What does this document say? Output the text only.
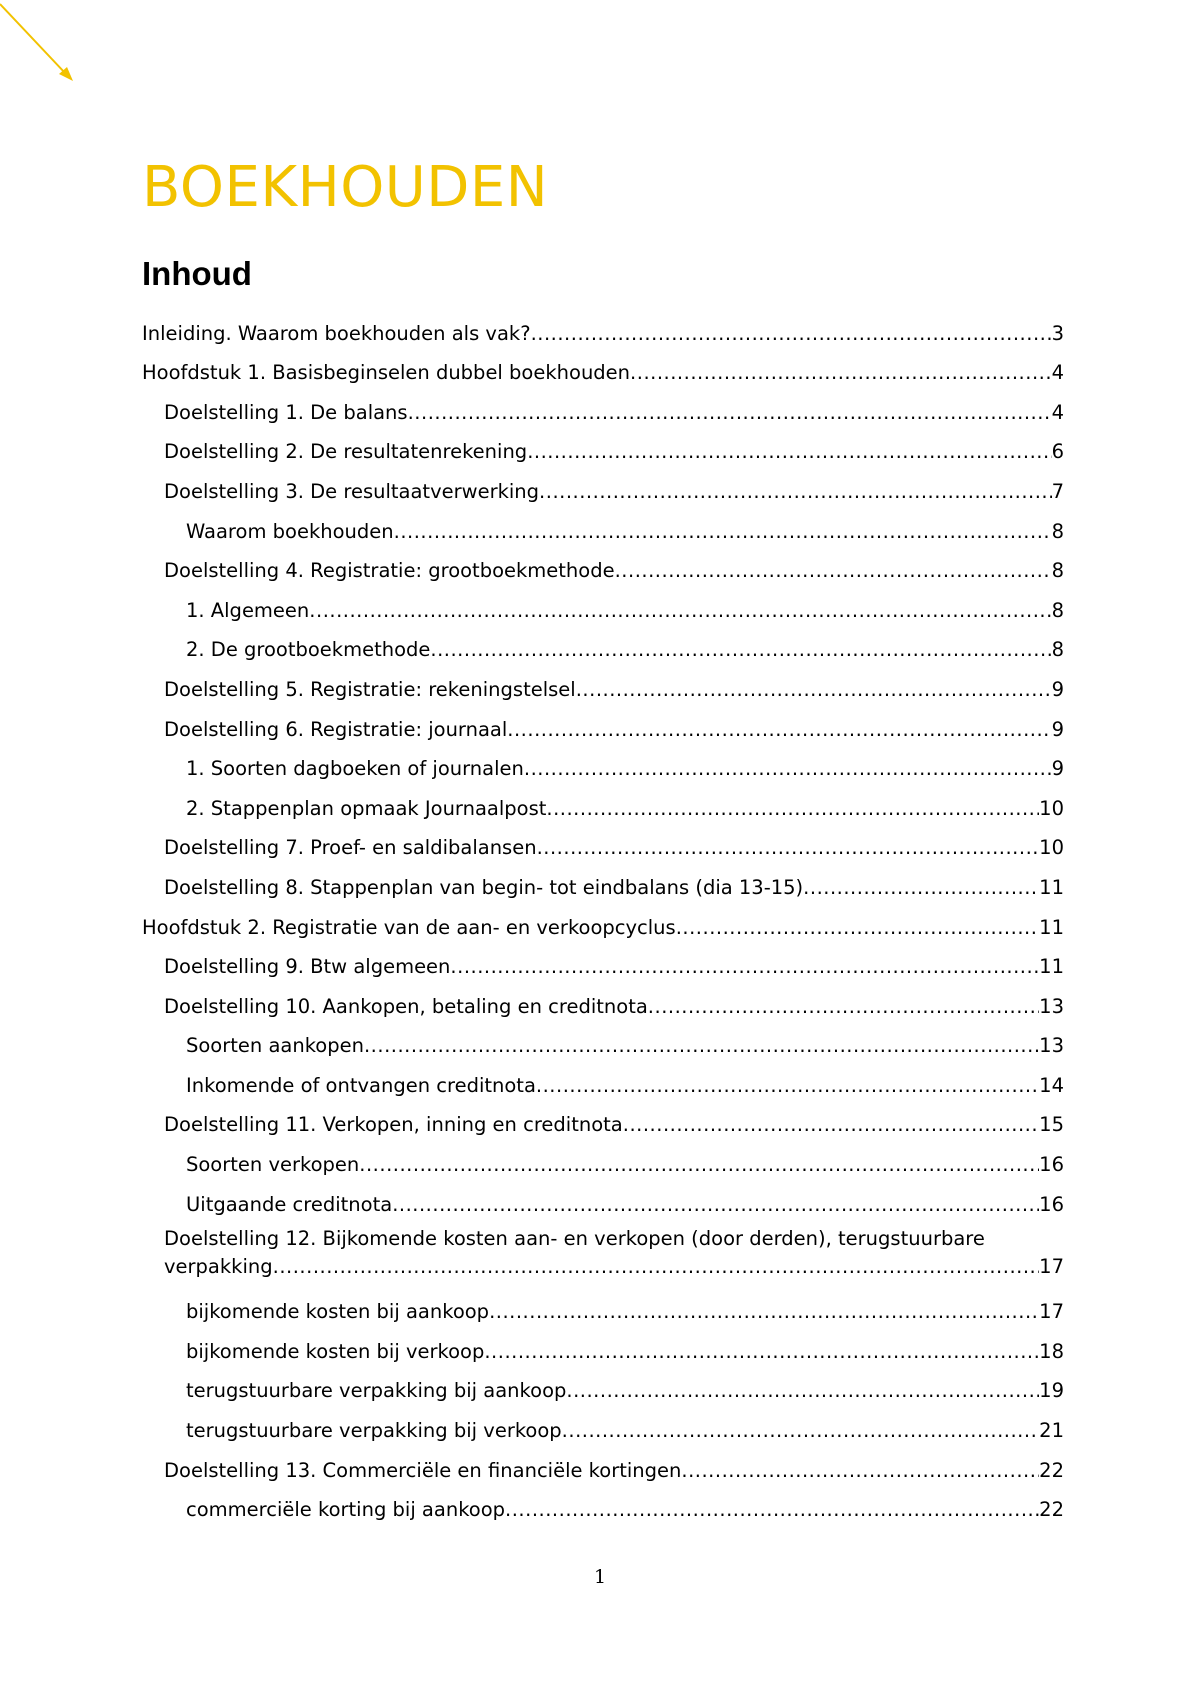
BOEKHOUDEN
Inhoud
Inleiding. Waarom boekhouden als vak? .....	3
Hoofdstuk 1. Basisbeginselen dubbel boekhouden .....	4
Doelstelling 1. De balans .....	4
Doelstelling 2. De resultatenrekening .....	6
Doelstelling 3. De resultaatverwerking .....	7
Waarom boekhouden .....	8
Doelstelling 4. Registratie: grootboekmethode .....	8
1. Algemeen .....	8
2. De grootboekmethode .....	8
Doelstelling 5. Registratie: rekeningstelsel .....	9
Doelstelling 6. Registratie: journaal .....	9
1. Soorten dagboeken of journalen .....	9
2. Stappenplan opmaak Journaalpost .....	10
Doelstelling 7. Proef- en saldibalansen .....	10
Doelstelling 8. Stappenplan van begin- tot eindbalans (dia 13-15) .....	11
Hoofdstuk 2. Registratie van de aan- en verkoopcyclus .....	11
Doelstelling 9. Btw algemeen .....	11
Doelstelling 10. Aankopen, betaling en creditnota .....	13
Soorten aankopen .....	13
Inkomende of ontvangen creditnota .....	14
Doelstelling 11. Verkopen, inning en creditnota .....	15
Soorten verkopen .....	16
Uitgaande creditnota .....	16
Doelstelling 12. Bijkomende kosten aan- en verkopen (door derden), terugstuurbare
verpakking .....	17
bijkomende kosten bij aankoop .....	17
bijkomende kosten bij verkoop .....	18
terugstuurbare verpakking bij aankoop .....	19
terugstuurbare verpakking bij verkoop .....	21
Doelstelling 13. Commerciële en financiële kortingen .....	22
commerciële korting bij aankoop .....	22
1
